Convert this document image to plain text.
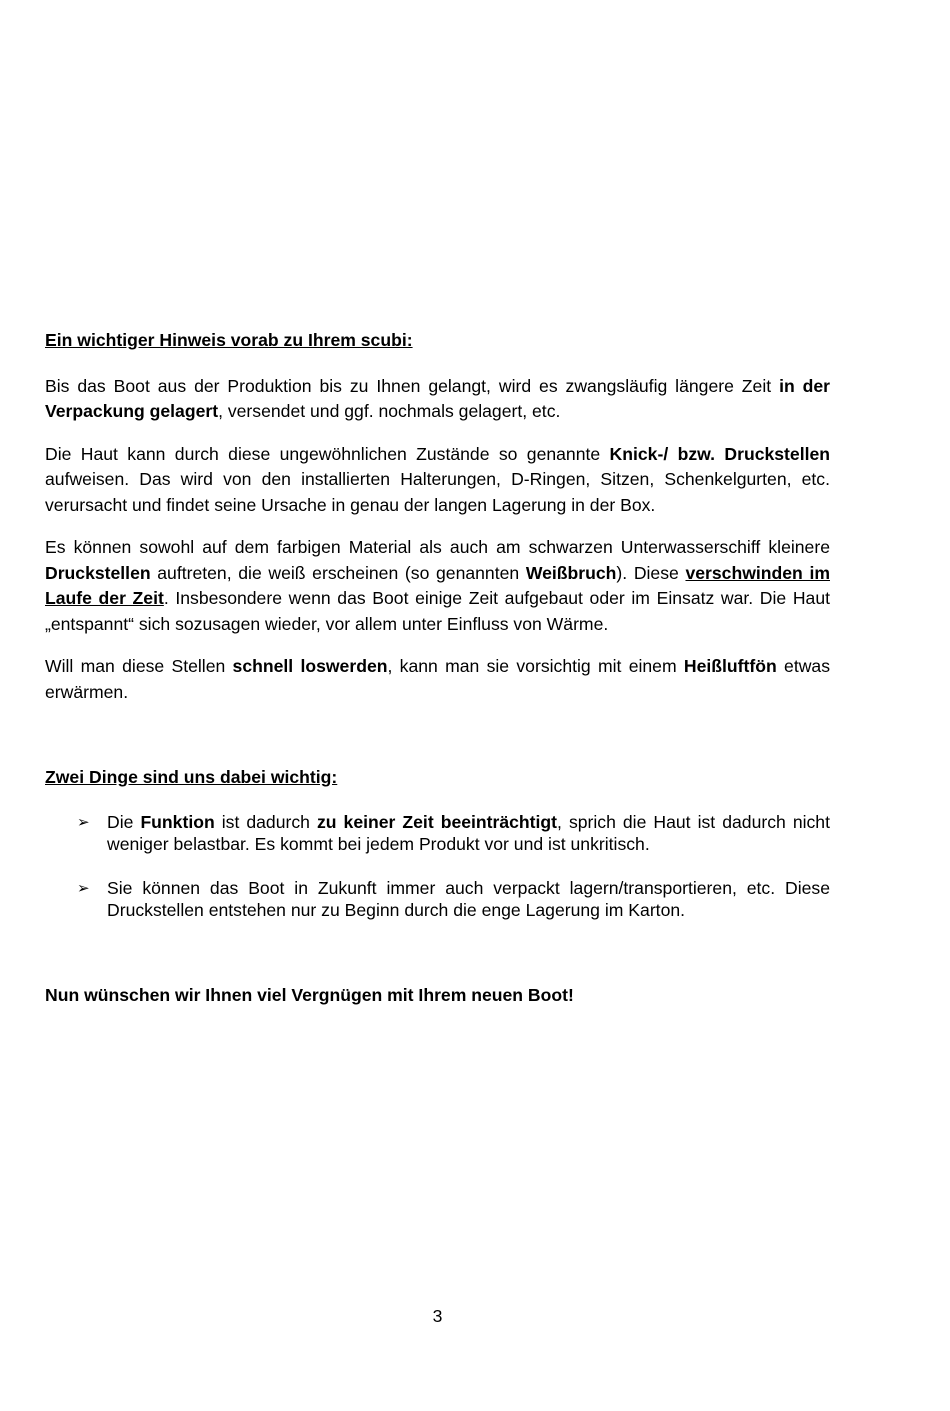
Ein wichtiger Hinweis vorab zu Ihrem scubi:

Bis das Boot aus der Produktion bis zu Ihnen gelangt, wird es zwangsläufig längere Zeit in der Verpackung gelagert, versendet und ggf. nochmals gelagert, etc.

Die Haut kann durch diese ungewöhnlichen Zustände so genannte Knick-/ bzw. Druckstellen aufweisen. Das wird von den installierten Halterungen, D-Ringen, Sitzen, Schenkelgurten, etc. verursacht und findet seine Ursache in genau der langen Lagerung in der Box.

Es können sowohl auf dem farbigen Material als auch am schwarzen Unterwasserschiff kleinere Druckstellen auftreten, die weiß erscheinen (so genannten Weißbruch). Diese verschwinden im Laufe der Zeit. Insbesondere wenn das Boot einige Zeit aufgebaut oder im Einsatz war. Die Haut „entspannt“ sich sozusagen wieder, vor allem unter Einfluss von Wärme.

Will man diese Stellen schnell loswerden, kann man sie vorsichtig mit einem Heißluftfön etwas erwärmen.

Zwei Dinge sind uns dabei wichtig:

➢ Die Funktion ist dadurch zu keiner Zeit beeinträchtigt, sprich die Haut ist dadurch nicht weniger belastbar. Es kommt bei jedem Produkt vor und ist unkritisch.
➢ Sie können das Boot in Zukunft immer auch verpackt lagern/transportieren, etc. Diese Druckstellen entstehen nur zu Beginn durch die enge Lagerung im Karton.

Nun wünschen wir Ihnen viel Vergnügen mit Ihrem neuen Boot!

3
